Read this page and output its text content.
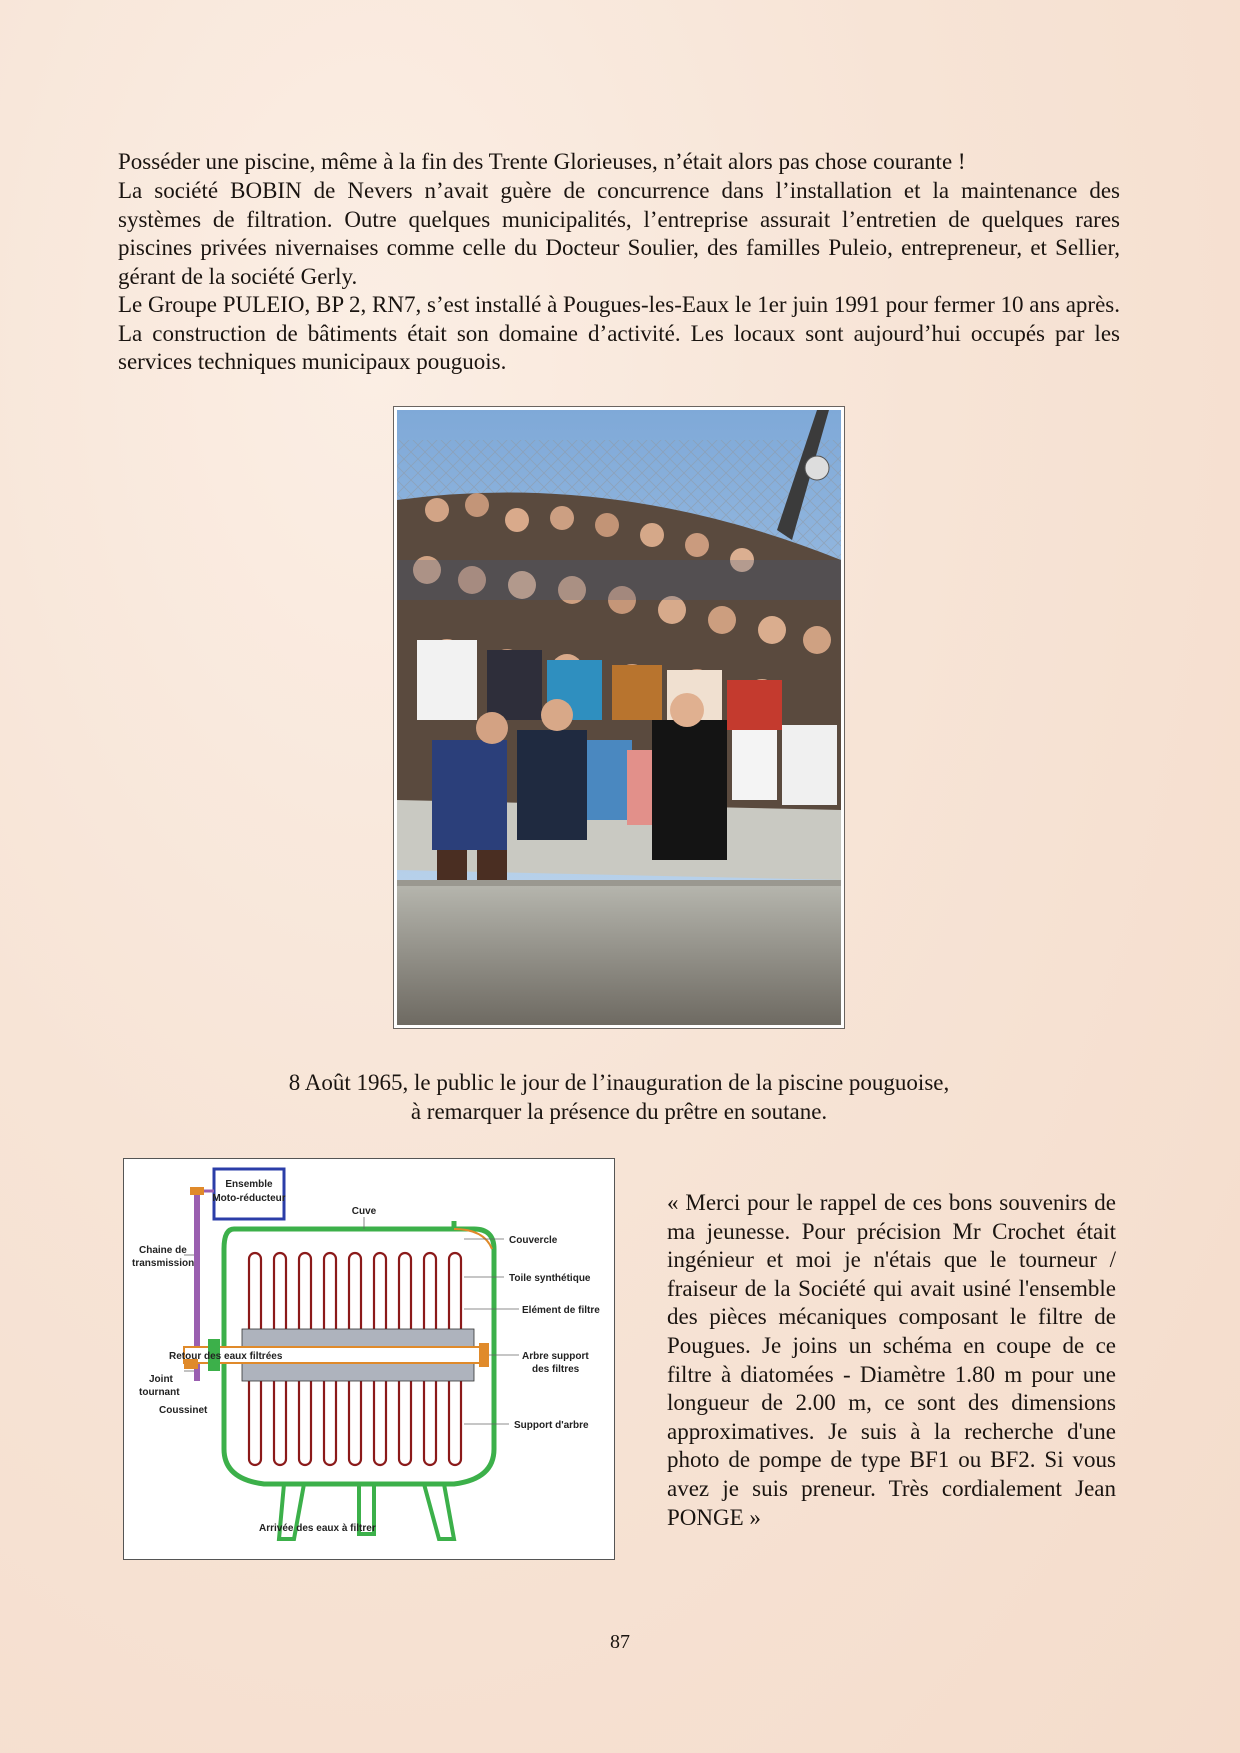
Posséder une piscine, même à la fin des Trente Glorieuses, n’était alors pas chose courante !

La société BOBIN de Nevers n’avait guère de concurrence dans l’installation et la maintenance des systèmes de filtration. Outre quelques municipalités, l’entreprise assurait l’entretien de quelques rares piscines privées nivernaises comme celle du Docteur Soulier, des familles Puleio, entrepreneur, et Sellier, gérant de la société Gerly.

Le Groupe PULEIO, BP 2, RN7, s’est installé à Pougues-les-Eaux le 1er juin 1991 pour fermer 10 ans après. La construction de bâtiments était son domaine d’activité. Les locaux sont aujourd’hui occupés par les services techniques municipaux pouguois.

8 Août 1965, le public le jour de l’inauguration de la piscine pouguoise,

à remarquer la présence du prêtre en soutane.

Ensemble
Moto-réducteur
Cuve
Couvercle
Chaine de
transmission
Toile synthétique
Elément de filtre
Retour des eaux filtrées	Arbre support
des filtres
Joint
tournant
Coussinet
Support d'arbre
Arrivée des eaux à filtrer

« Merci pour le rappel de ces bons souvenirs de ma jeunesse. Pour précision Mr Crochet était ingénieur et moi je n'étais que le tourneur / fraiseur de la Société qui avait usiné l'ensemble des pièces mécaniques composant le filtre de Pougues. Je joins un schéma en coupe de ce filtre à diatomées - Diamètre 1.80 m pour une longueur de 2.00 m, ce sont des dimensions approximatives. Je suis à la recherche d'une photo de pompe de type BF1 ou BF2. Si vous avez je suis preneur. Très cordialement Jean PONGE »

87
